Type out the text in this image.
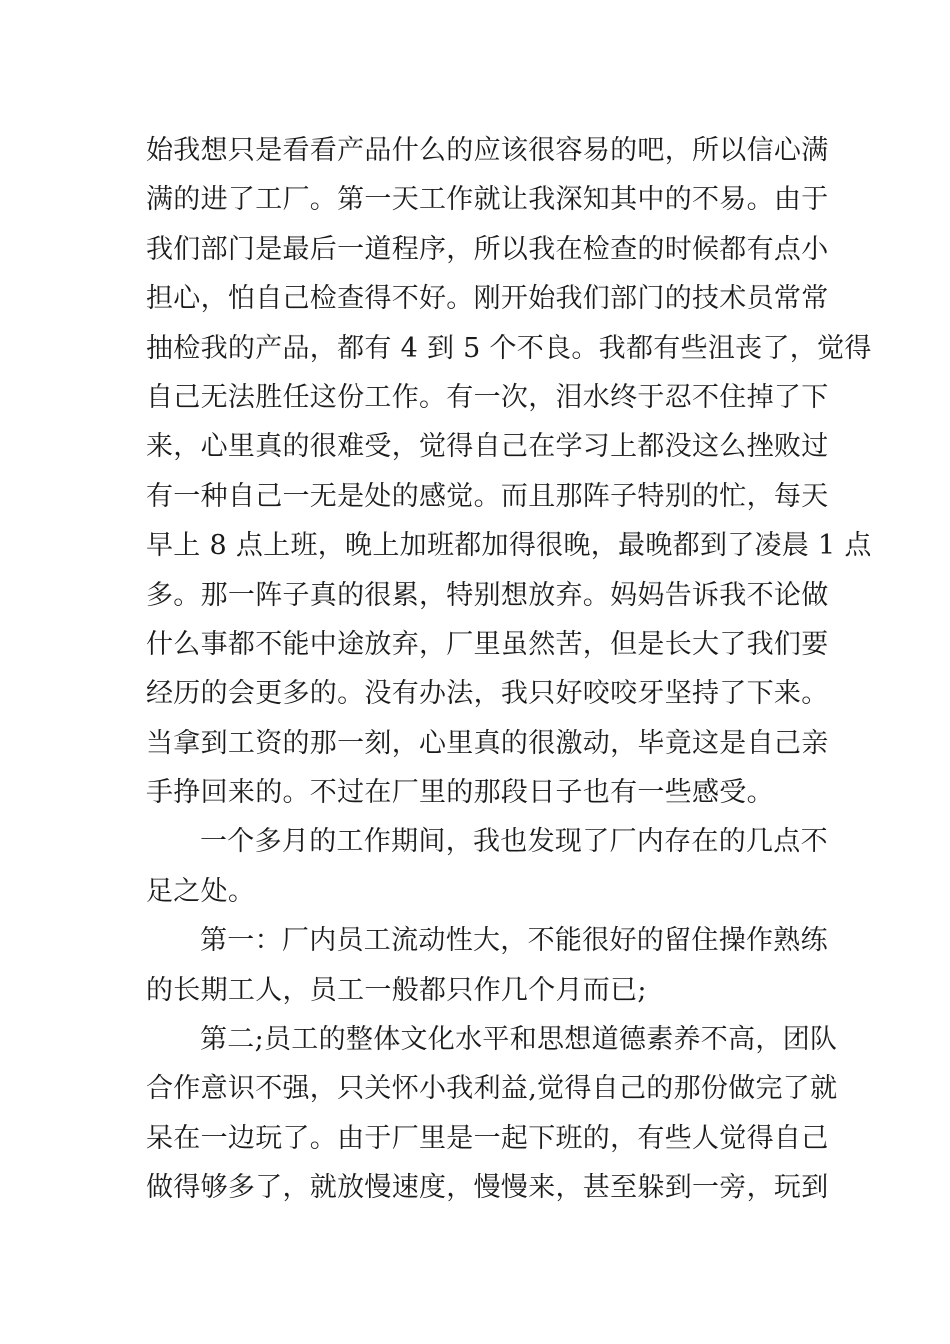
始我想只是看看产品什么的应该很容易的吧，所以信心满
满的进了工厂。第一天工作就让我深知其中的不易。由于
我们部门是最后一道程序，所以我在检查的时候都有点小
担心，怕自己检查得不好。刚开始我们部门的技术员常常
抽检我的产品，都有 4 到 5 个不良。我都有些沮丧了，觉得
自己无法胜任这份工作。有一次，泪水终于忍不住掉了下
来，心里真的很难受，觉得自己在学习上都没这么挫败过
有一种自己一无是处的感觉。而且那阵子特别的忙，每天
早上 8 点上班，晚上加班都加得很晚，最晚都到了凌晨 1 点
多。那一阵子真的很累，特别想放弃。妈妈告诉我不论做
什么事都不能中途放弃，厂里虽然苦，但是长大了我们要
经历的会更多的。没有办法，我只好咬咬牙坚持了下来。
当拿到工资的那一刻，心里真的很激动，毕竟这是自己亲
手挣回来的。不过在厂里的那段日子也有一些感受。
一个多月的工作期间，我也发现了厂内存在的几点不
足之处。
第一：厂内员工流动性大，不能很好的留住操作熟练
的长期工人，员工一般都只作几个月而已;
第二;员工的整体文化水平和思想道德素养不高，团队
合作意识不强，只关怀小我利益,觉得自己的那份做完了就
呆在一边玩了。由于厂里是一起下班的，有些人觉得自己
做得够多了，就放慢速度，慢慢来，甚至躲到一旁，玩到
